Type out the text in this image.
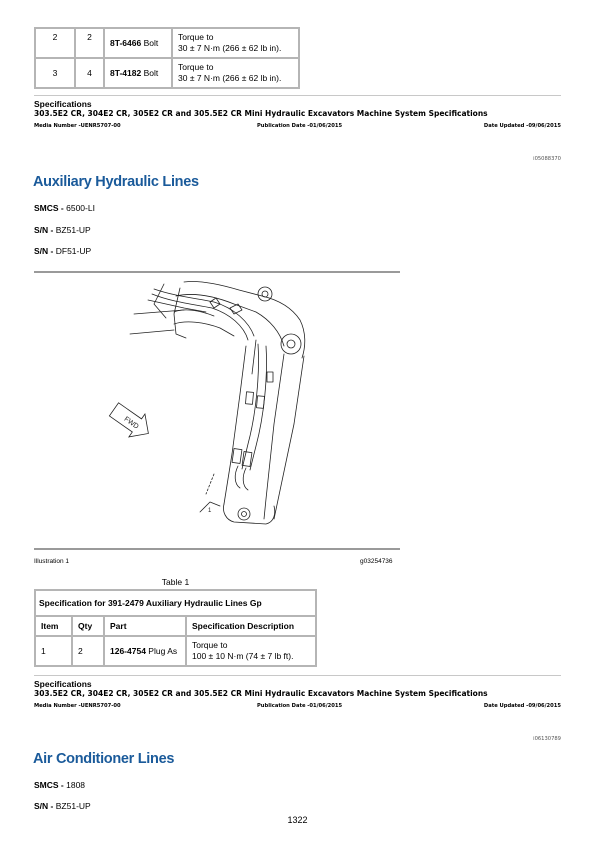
2	2	8T-6466 Bolt	Torque to
30 ± 7 N·m (266 ± 62 lb in).
3	4	8T-4182 Bolt	Torque to
30 ± 7 N·m (266 ± 62 lb in).
Specifications
303.5E2 CR, 304E2 CR, 305E2 CR and 305.5E2 CR Mini Hydraulic Excavators Machine System Specifications
Media Number -UENR5707-00	Publication Date -01/06/2015	Date Updated -09/06/2015
i05088370
Auxiliary Hydraulic Lines
SMCS - 6500-LI
S/N - BZ51-UP
S/N - DF51-UP
FWD
1
Illustration 1	g03254736
Table 1
Specification for 391-2479 Auxiliary Hydraulic Lines Gp			
Item	Qty	Part	Specification Description
1	2	126-4754 Plug As	Torque to
100 ± 10 N·m (74 ± 7 lb ft).
Specifications
303.5E2 CR, 304E2 CR, 305E2 CR and 305.5E2 CR Mini Hydraulic Excavators Machine System Specifications
Media Number -UENR5707-00	Publication Date -01/06/2015	Date Updated -09/06/2015
i06130789
Air Conditioner Lines
SMCS - 1808
S/N - BZ51-UP
1322
